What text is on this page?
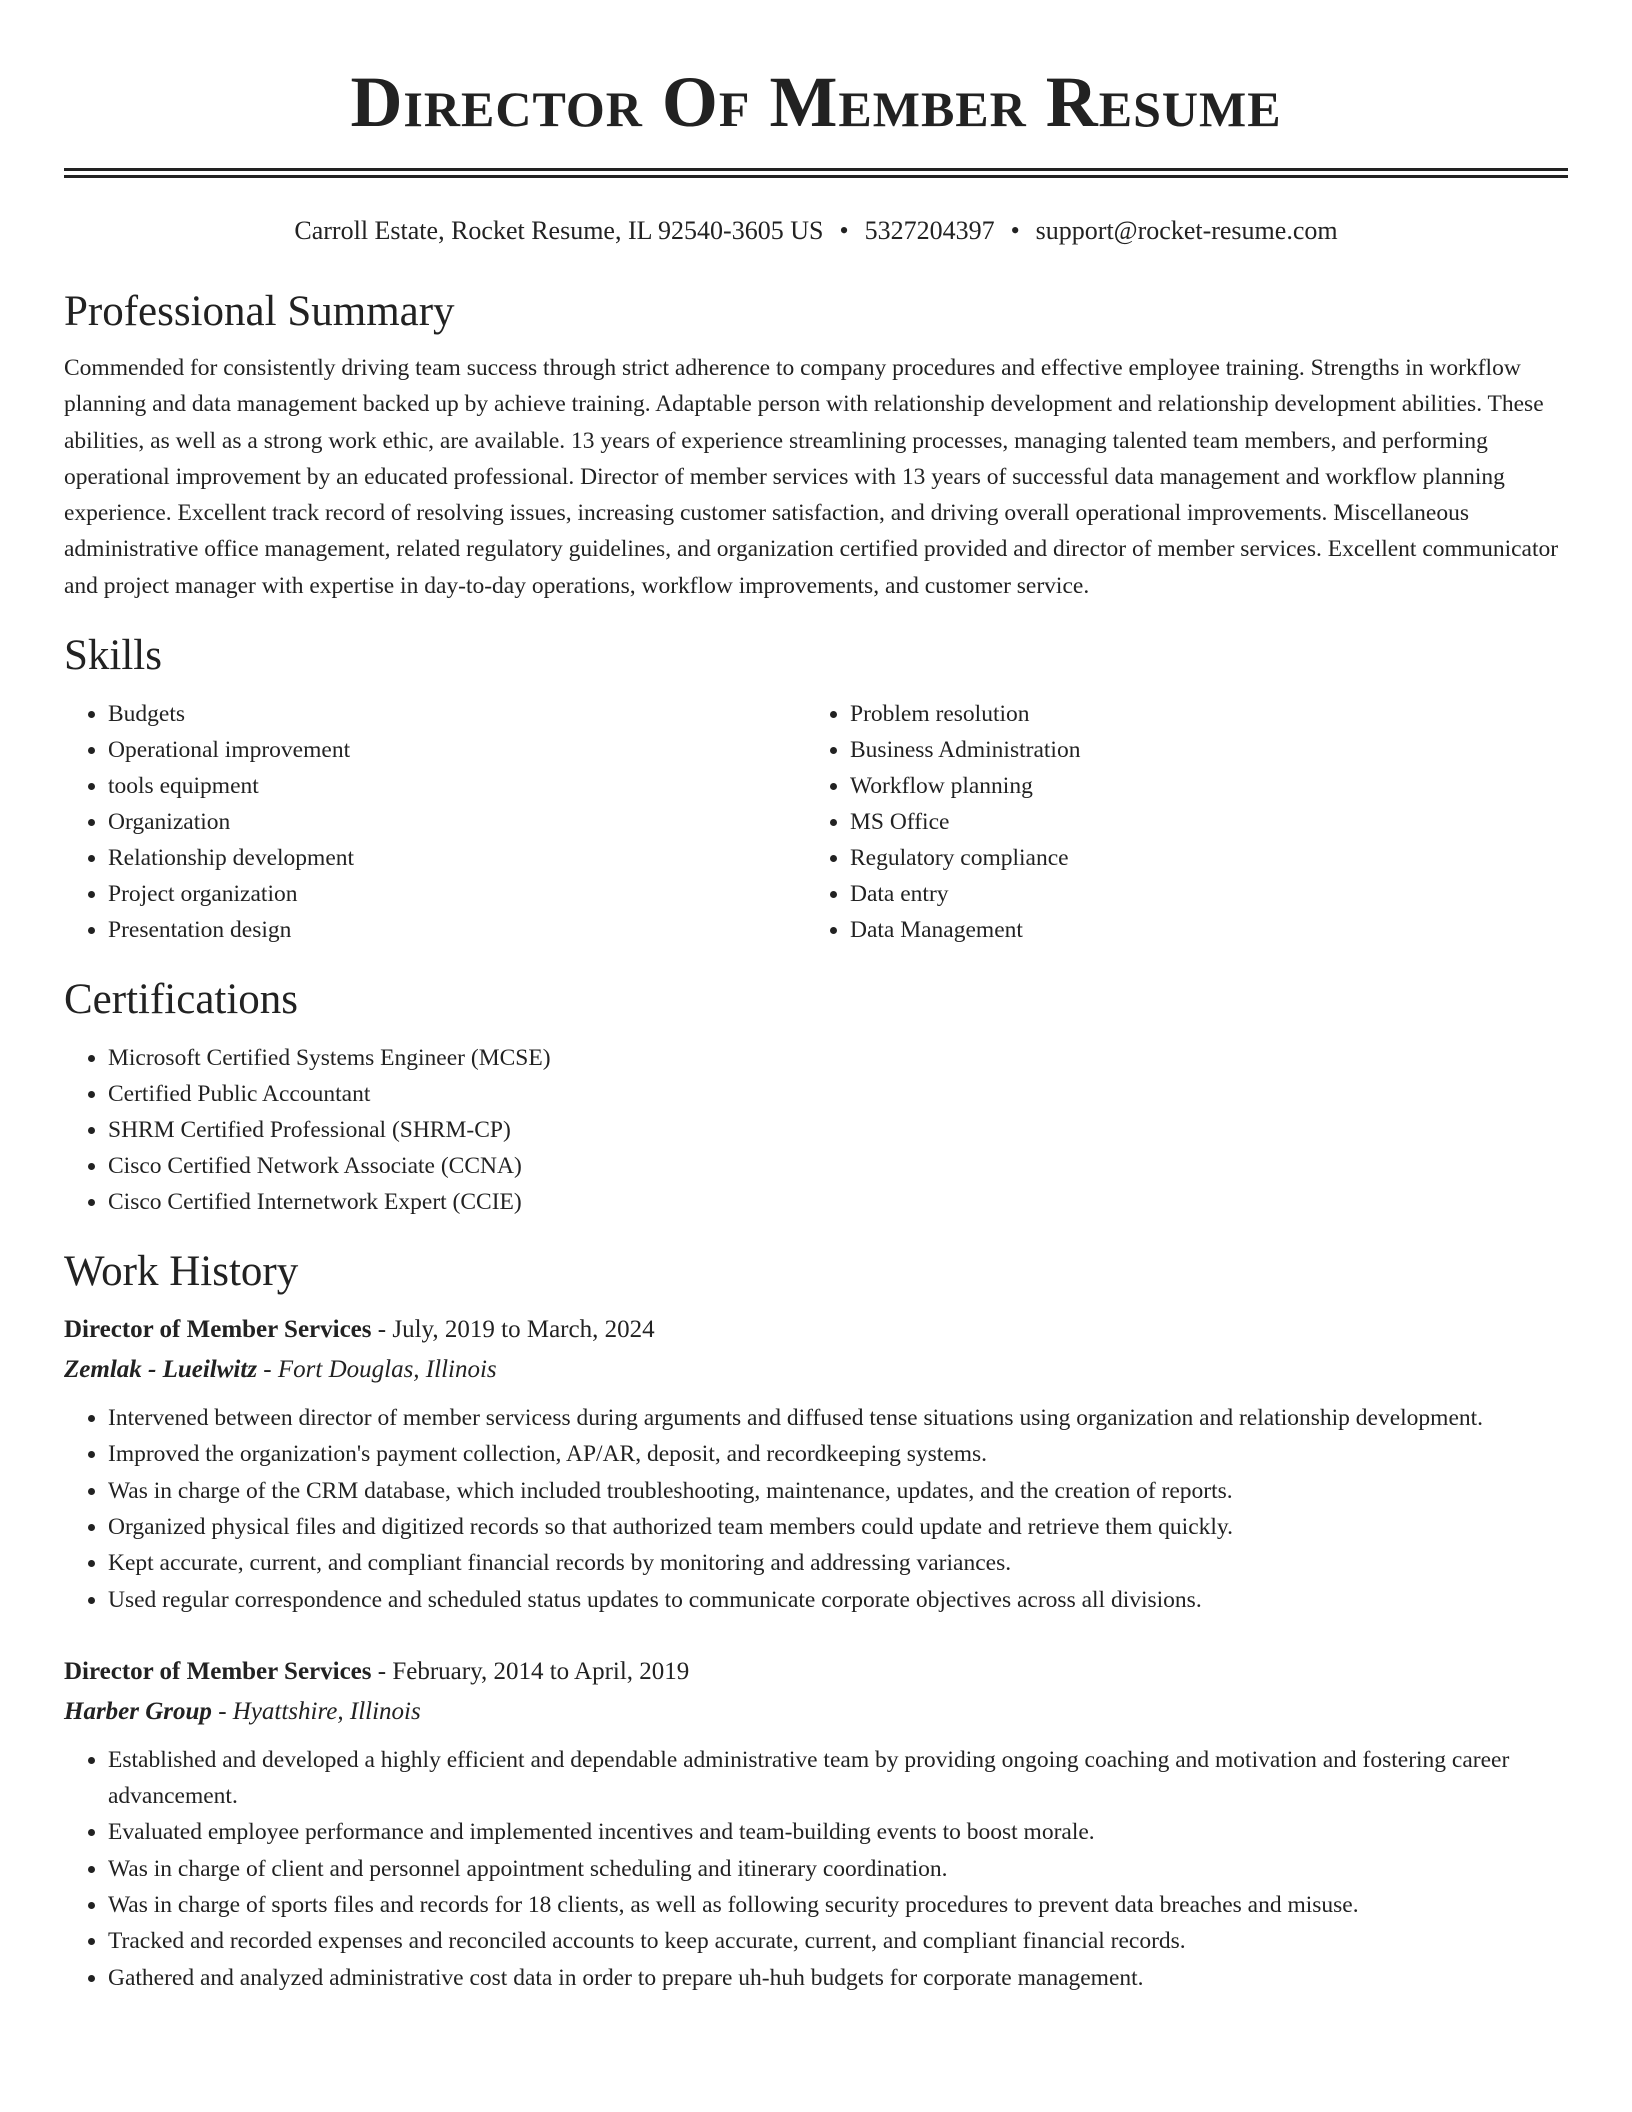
Director Of Member Resume
Carroll Estate, Rocket Resume, IL 92540-3605 US • 5327204397 • support@rocket-resume.com
Professional Summary

Commended for consistently driving team success through strict adherence to company procedures and effective employee training. Strengths in workflow planning and data management backed up by achieve training. Adaptable person with relationship development and relationship development abilities. These abilities, as well as a strong work ethic, are available. 13 years of experience streamlining processes, managing talented team members, and performing operational improvement by an educated professional. Director of member services with 13 years of successful data management and workflow planning experience. Excellent track record of resolving issues, increasing customer satisfaction, and driving overall operational improvements. Miscellaneous administrative office management, related regulatory guidelines, and organization certified provided and director of member services. Excellent communicator and project manager with expertise in day-to-day operations, workflow improvements, and customer service.

Skills
• Budgets
• Operational improvement
• tools equipment
• Organization
• Relationship development
• Project organization
• Presentation design
• Problem resolution
• Business Administration
• Workflow planning
• MS Office
• Regulatory compliance
• Data entry
• Data Management
Certifications
• Microsoft Certified Systems Engineer (MCSE)
• Certified Public Accountant
• SHRM Certified Professional (SHRM-CP)
• Cisco Certified Network Associate (CCNA)
• Cisco Certified Internetwork Expert (CCIE)
Work History
Director of Member Services - July, 2019 to March, 2024
Zemlak - Lueilwitz - Fort Douglas, Illinois
• Intervened between director of member servicess during arguments and diffused tense situations using organization and relationship development.
• Improved the organization's payment collection, AP/AR, deposit, and recordkeeping systems.
• Was in charge of the CRM database, which included troubleshooting, maintenance, updates, and the creation of reports.
• Organized physical files and digitized records so that authorized team members could update and retrieve them quickly.
• Kept accurate, current, and compliant financial records by monitoring and addressing variances.
• Used regular correspondence and scheduled status updates to communicate corporate objectives across all divisions.
Director of Member Services - February, 2014 to April, 2019
Harber Group - Hyattshire, Illinois
• Established and developed a highly efficient and dependable administrative team by providing ongoing coaching and motivation and fostering career advancement.
• Evaluated employee performance and implemented incentives and team-building events to boost morale.
• Was in charge of client and personnel appointment scheduling and itinerary coordination.
• Was in charge of sports files and records for 18 clients, as well as following security procedures to prevent data breaches and misuse.
• Tracked and recorded expenses and reconciled accounts to keep accurate, current, and compliant financial records.
• Gathered and analyzed administrative cost data in order to prepare uh-huh budgets for corporate management.
